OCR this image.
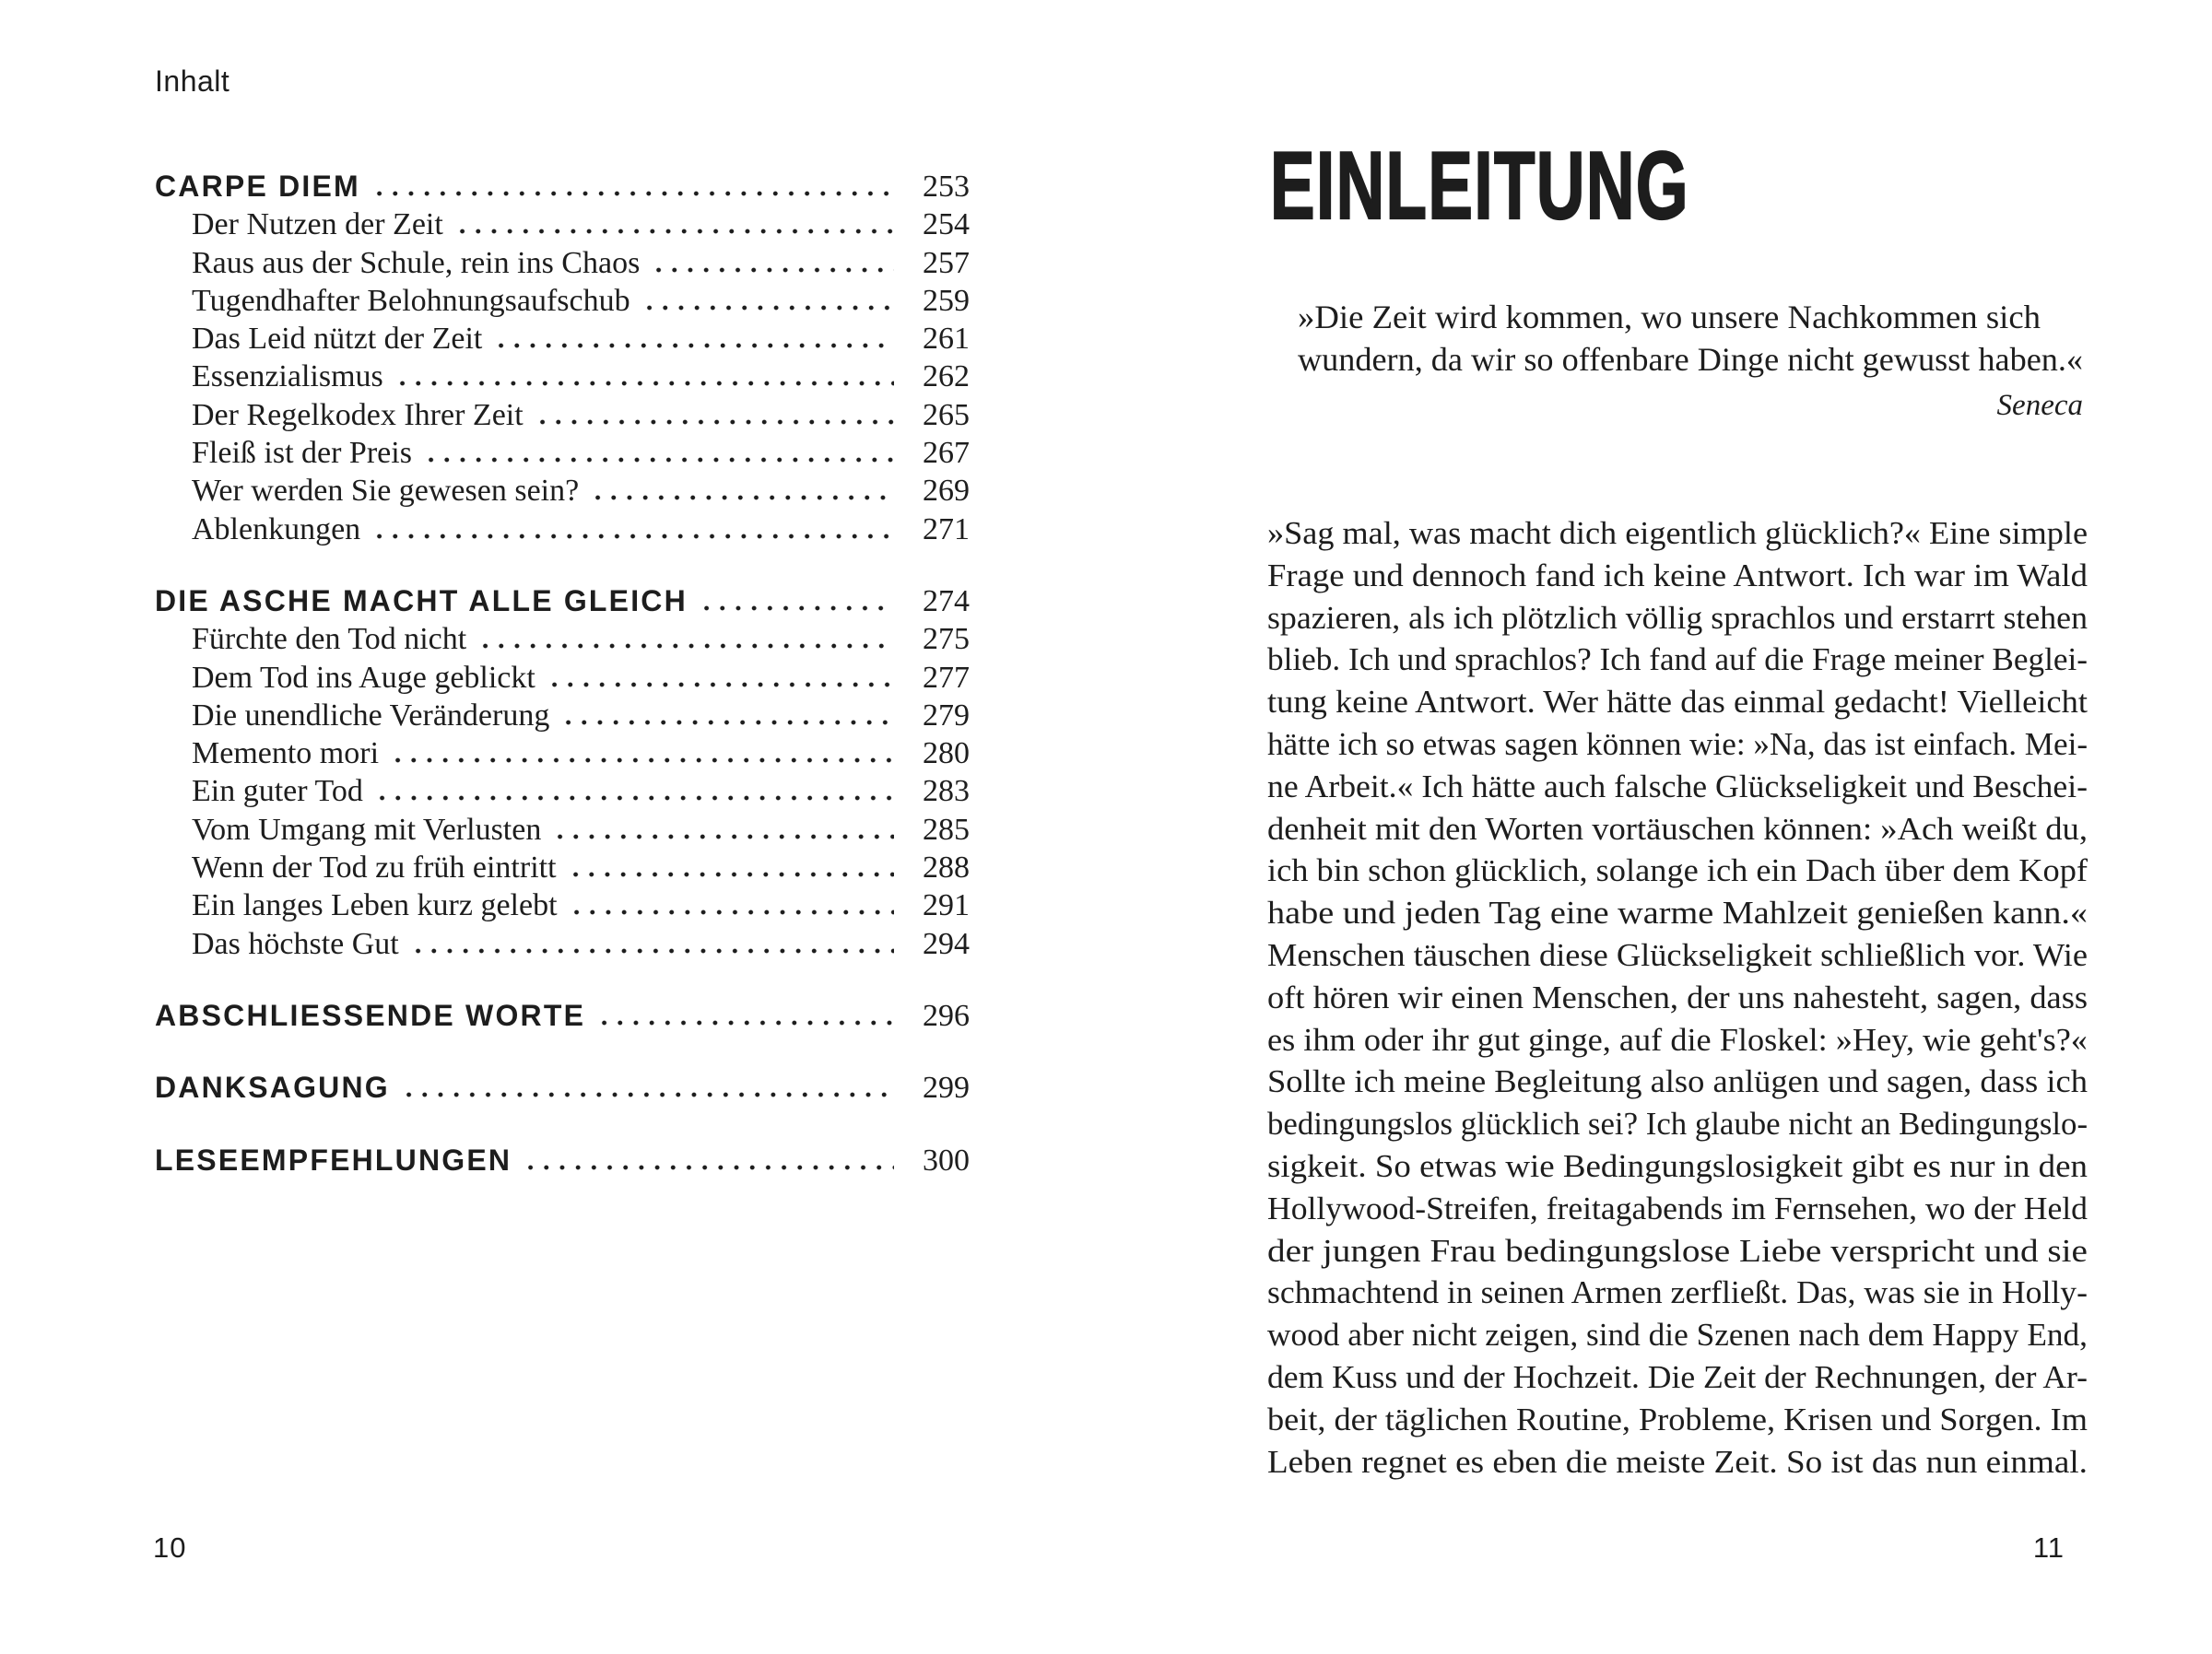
Inhalt
CARPE DIEM	253
Der Nutzen der Zeit	254
Raus aus der Schule, rein ins Chaos	257
Tugendhafter Belohnungsaufschub	259
Das Leid nützt der Zeit	261
Essenzialismus	262
Der Regelkodex Ihrer Zeit	265
Fleiß ist der Preis	267
Wer werden Sie gewesen sein?	269
Ablenkungen	271
DIE ASCHE MACHT ALLE GLEICH	274
Fürchte den Tod nicht	275
Dem Tod ins Auge geblickt	277
Die unendliche Veränderung	279
Memento mori	280
Ein guter Tod	283
Vom Umgang mit Verlusten	285
Wenn der Tod zu früh eintritt	288
Ein langes Leben kurz gelebt	291
Das höchste Gut	294
ABSCHLIESSENDE WORTE	296
DANKSAGUNG	299
LESEEMPFEHLUNGEN	300
10
EINLEITUNG
»Die Zeit wird kommen, wo unsere Nachkommen sich
wundern, da wir so offenbare Dinge nicht gewusst haben.«
Seneca
»Sag mal, was macht dich eigentlich glücklich?« Eine simple
Frage und dennoch fand ich keine Antwort. Ich war im Wald
spazieren, als ich plötzlich völlig sprachlos und erstarrt stehen
blieb. Ich und sprachlos? Ich fand auf die Frage meiner Beglei-
tung keine Antwort. Wer hätte das einmal gedacht! Vielleicht
hätte ich so etwas sagen können wie: »Na, das ist einfach. Mei-
ne Arbeit.« Ich hätte auch falsche Glückseligkeit und Beschei-
denheit mit den Worten vortäuschen können: »Ach weißt du,
ich bin schon glücklich, solange ich ein Dach über dem Kopf
habe und jeden Tag eine warme Mahlzeit genießen kann.«
Menschen täuschen diese Glückseligkeit schließlich vor. Wie
oft hören wir einen Menschen, der uns nahesteht, sagen, dass
es ihm oder ihr gut ginge, auf die Floskel: »Hey, wie geht's?«
Sollte ich meine Begleitung also anlügen und sagen, dass ich
bedingungslos glücklich sei? Ich glaube nicht an Bedingungslo-
sigkeit. So etwas wie Bedingungslosigkeit gibt es nur in den
Hollywood-Streifen, freitagabends im Fernsehen, wo der Held
der jungen Frau bedingungslose Liebe verspricht und sie
schmachtend in seinen Armen zerfließt. Das, was sie in Holly-
wood aber nicht zeigen, sind die Szenen nach dem Happy End,
dem Kuss und der Hochzeit. Die Zeit der Rechnungen, der Ar-
beit, der täglichen Routine, Probleme, Krisen und Sorgen. Im
Leben regnet es eben die meiste Zeit. So ist das nun einmal.
11
